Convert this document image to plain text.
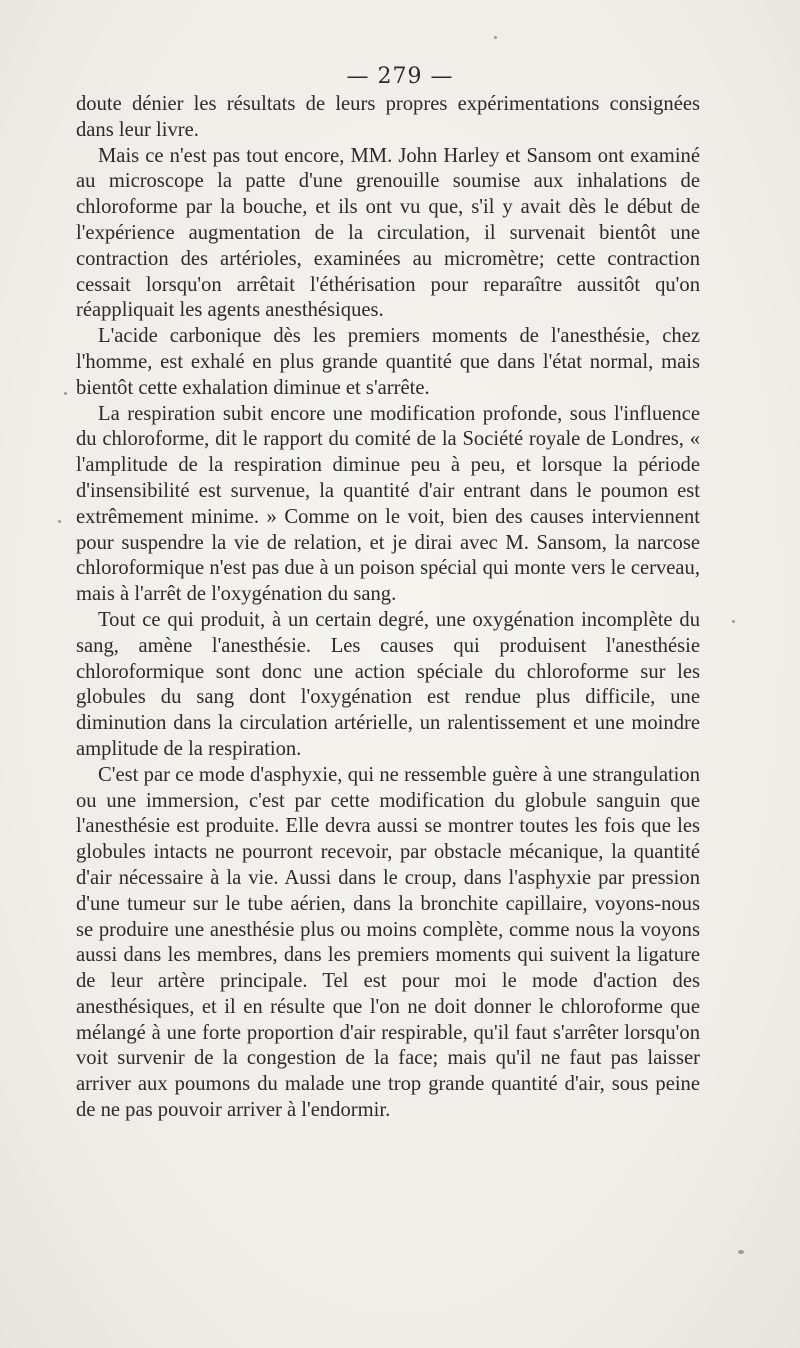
— 279 —

doute dénier les résultats de leurs propres expérimentations consignées dans leur livre.

Mais ce n'est pas tout encore, MM. John Harley et Sansom ont examiné au microscope la patte d'une grenouille soumise aux inhalations de chloroforme par la bouche, et ils ont vu que, s'il y avait dès le début de l'expérience augmentation de la circulation, il survenait bientôt une contraction des artérioles, examinées au micromètre; cette contraction cessait lorsqu'on arrêtait l'éthérisation pour reparaître aussitôt qu'on réappliquait les agents anesthésiques.

L'acide carbonique dès les premiers moments de l'anesthésie, chez l'homme, est exhalé en plus grande quantité que dans l'état normal, mais bientôt cette exhalation diminue et s'arrête.

La respiration subit encore une modification profonde, sous l'influence du chloroforme, dit le rapport du comité de la Société royale de Londres, « l'amplitude de la respiration diminue peu à peu, et lorsque la période d'insensibilité est survenue, la quantité d'air entrant dans le poumon est extrêmement minime. » Comme on le voit, bien des causes interviennent pour suspendre la vie de relation, et je dirai avec M. Sansom, la narcose chloroformique n'est pas due à un poison spécial qui monte vers le cerveau, mais à l'arrêt de l'oxygénation du sang.

Tout ce qui produit, à un certain degré, une oxygénation incomplète du sang, amène l'anesthésie. Les causes qui produisent l'anesthésie chloroformique sont donc une action spéciale du chloroforme sur les globules du sang dont l'oxygénation est rendue plus difficile, une diminution dans la circulation artérielle, un ralentissement et une moindre amplitude de la respiration.

C'est par ce mode d'asphyxie, qui ne ressemble guère à une strangulation ou une immersion, c'est par cette modification du globule sanguin que l'anesthésie est produite. Elle devra aussi se montrer toutes les fois que les globules intacts ne pourront recevoir, par obstacle mécanique, la quantité d'air nécessaire à la vie. Aussi dans le croup, dans l'asphyxie par pression d'une tumeur sur le tube aérien, dans la bronchite capillaire, voyons-nous se produire une anesthésie plus ou moins complète, comme nous la voyons aussi dans les membres, dans les premiers moments qui suivent la ligature de leur artère principale. Tel est pour moi le mode d'action des anesthésiques, et il en résulte que l'on ne doit donner le chloroforme que mélangé à une forte proportion d'air respirable, qu'il faut s'arrêter lorsqu'on voit survenir de la congestion de la face; mais qu'il ne faut pas laisser arriver aux poumons du malade une trop grande quantité d'air, sous peine de ne pas pouvoir arriver à l'endormir.
